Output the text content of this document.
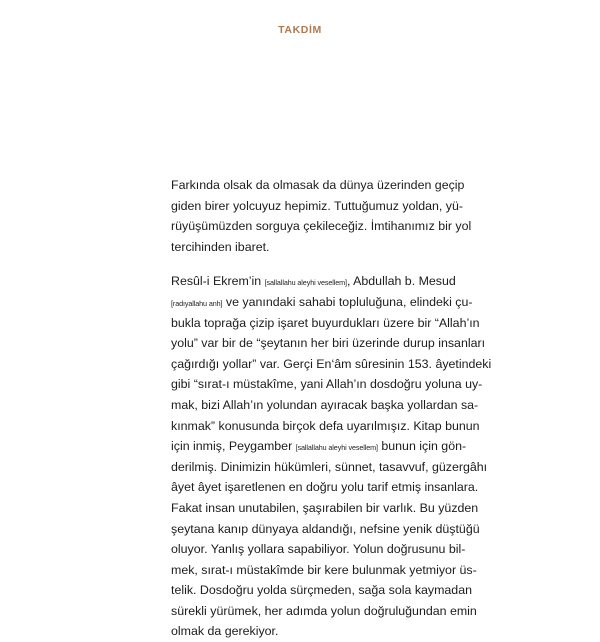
TAKDİM
Farkında olsak da olmasak da dünya üzerinden geçip
giden birer yolcuyuz hepimiz. Tuttuğumuz yoldan, yü-
rüyüşümüzden sorguya çekileceğiz. İmtihanımız bir yol
tercihinden ibaret.
Resûl-i Ekrem’in [sallallahu aleyhi vesellem], Abdullah b. Mesud
[radıyallahu anh] ve yanındaki sahabi topluluğuna, elindeki çu-
bukla toprağa çizip işaret buyurdukları üzere bir “Allah’ın
yolu” var bir de “şeytanın her biri üzerinde durup insanları
çağırdığı yollar” var. Gerçi En‘âm sûresinin 153. âyetindeki
gibi “sırat-ı müstakîme, yani Allah’ın dosdoğru yoluna uy-
mak, bizi Allah’ın yolundan ayıracak başka yollardan sa-
kınmak” konusunda birçok defa uyarılmışız. Kitap bunun
için inmiş, Peygamber [sallallahu aleyhi vesellem] bunun için gön-
derilmiş. Dinimizin hükümleri, sünnet, tasavvuf, güzergâhı
âyet âyet işaretlenen en doğru yolu tarif etmiş insanlara.
Fakat insan unutabilen, şaşırabilen bir varlık. Bu yüzden
şeytana kanıp dünyaya aldandığı, nefsine yenik düştüğü
oluyor. Yanlış yollara sapabiliyor. Yolun doğrusunu bil-
mek, sırat-ı müstakîmde bir kere bulunmak yetmiyor üs-
telik. Dosdoğru yolda sürçmeden, sağa sola kaymadan
sürekli yürümek, her adımda yolun doğruluğundan emin
olmak da gerekiyor.
